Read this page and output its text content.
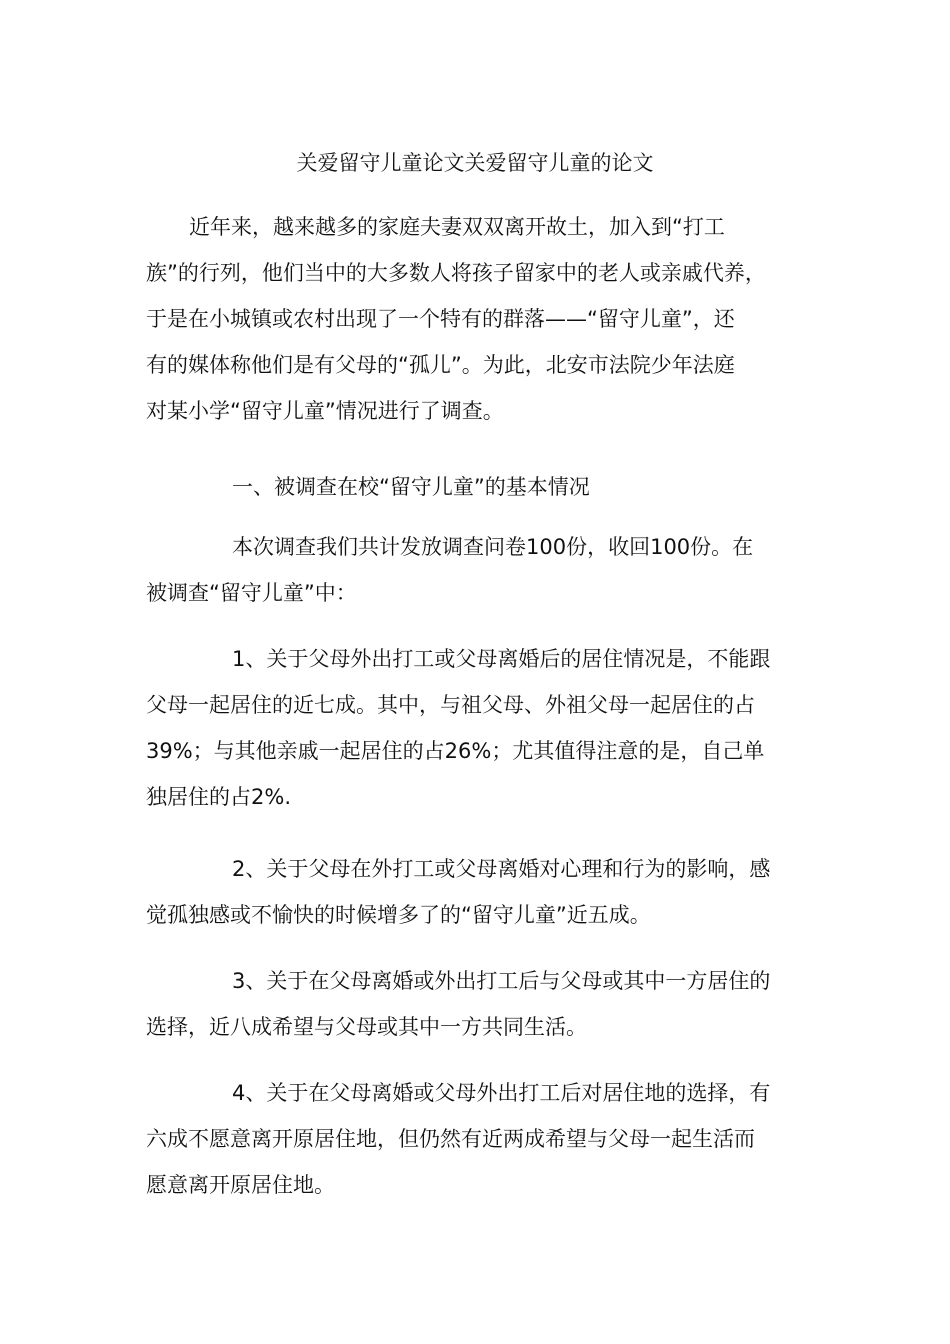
关爱留守儿童论文关爱留守儿童的论文
近年来，越来越多的家庭夫妻双双离开故土，加入到“打工
族”的行列，他们当中的大多数人将孩子留家中的老人或亲戚代养，
于是在小城镇或农村出现了一个特有的群落——“留守儿童”，还
有的媒体称他们是有父母的“孤儿”。为此，北安市法院少年法庭
对某小学“留守儿童”情况进行了调查。

一、被调查在校“留守儿童”的基本情况

本次调查我们共计发放调查问卷100份，收回100份。在
被调查“留守儿童”中：
1、关于父母外出打工或父母离婚后的居住情况是，不能跟
父母一起居住的近七成。其中，与祖父母、外祖父母一起居住的占
39%；与其他亲戚一起居住的占26%；尤其值得注意的是，自己单
独居住的占2%.
2、关于父母在外打工或父母离婚对心理和行为的影响，感
觉孤独感或不愉快的时候增多了的“留守儿童”近五成。
3、关于在父母离婚或外出打工后与父母或其中一方居住的
选择，近八成希望与父母或其中一方共同生活。
4、关于在父母离婚或父母外出打工后对居住地的选择，有
六成不愿意离开原居住地，但仍然有近两成希望与父母一起生活而
愿意离开原居住地。
